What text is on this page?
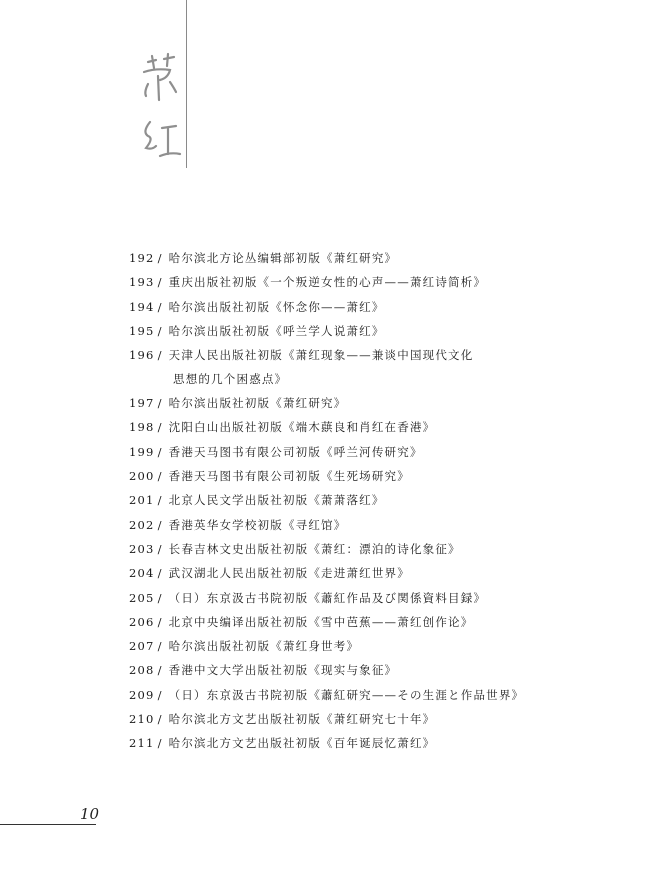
192 / 哈尔滨北方论丛编辑部初版《萧红研究》
193 / 重庆出版社初版《一个叛逆女性的心声——萧红诗简析》
194 / 哈尔滨出版社初版《怀念你——萧红》
195 / 哈尔滨出版社初版《呼兰学人说萧红》
196 / 天津人民出版社初版《萧红现象——兼谈中国现代文化
思想的几个困惑点》
197 / 哈尔滨出版社初版《萧红研究》
198 / 沈阳白山出版社初版《端木蕻良和肖红在香港》
199 / 香港天马图书有限公司初版《呼兰河传研究》
200 / 香港天马图书有限公司初版《生死场研究》
201 / 北京人民文学出版社初版《萧萧落红》
202 / 香港英华女学校初版《寻红馆》
203 / 长春吉林文史出版社初版《萧红：漂泊的诗化象征》
204 / 武汉湖北人民出版社初版《走进萧红世界》
205 / （日）东京汲古书院初版《蕭紅作品及び関係資料目録》
206 / 北京中央编译出版社初版《雪中芭蕉——萧红创作论》
207 / 哈尔滨出版社初版《萧红身世考》
208 / 香港中文大学出版社初版《现实与象征》
209 / （日）东京汲古书院初版《蕭紅研究——その生涯と作品世界》
210 / 哈尔滨北方文艺出版社初版《萧红研究七十年》
211 / 哈尔滨北方文艺出版社初版《百年诞辰忆萧红》
10
